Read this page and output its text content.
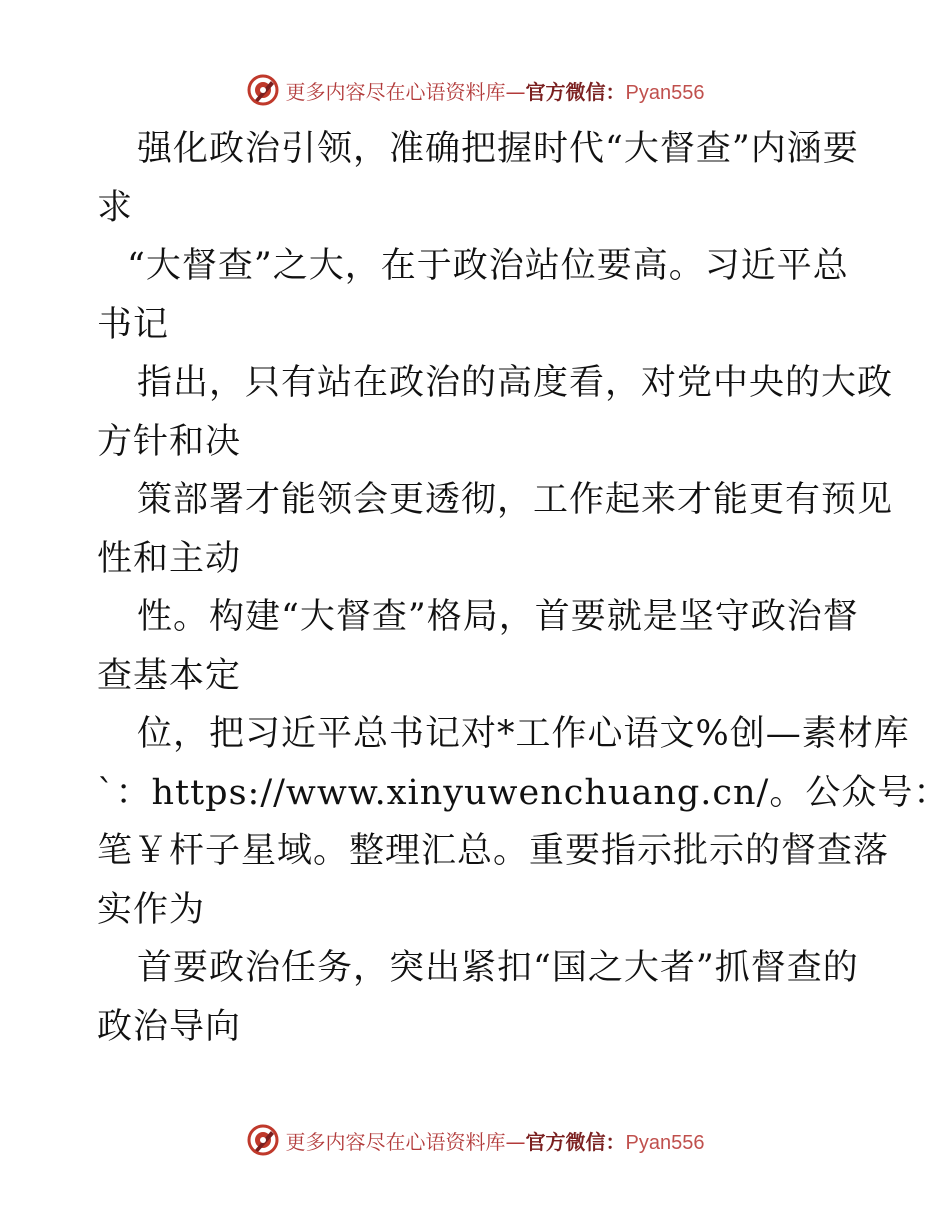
更多内容尽在心语资料库—官方微信：Pyan556
强化政治引领，准确把握时代“大督查”内涵要
求
“大督查”之大，在于政治站位要高。习近平总
书记
指出，只有站在政治的高度看，对党中央的大政
方针和决
策部署才能领会更透彻，工作起来才能更有预见
性和主动
性。构建“大督查”格局，首要就是坚守政治督
查基本定
位，把习近平总书记对*工作心语文%创—素材库
`：https://www.xinyuwenchuang.cn/。公众号：
笔￥杆子星域。整理汇总。重要指示批示的督查落
实作为
首要政治任务，突出紧扣“国之大者”抓督查的
政治导向
更多内容尽在心语资料库—官方微信：Pyan556
